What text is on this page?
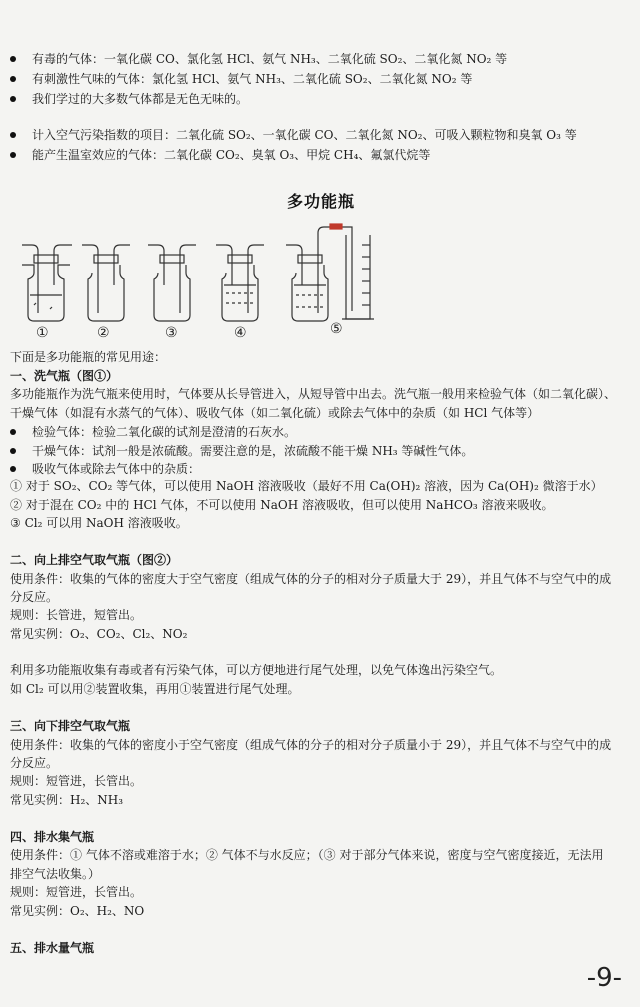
有毒的气体：一氧化碳 CO、氯化氢 HCl、氨气 NH₃、二氧化硫 SO₂、二氧化氮 NO₂ 等
有刺激性气味的气体：氯化氢 HCl、氨气 NH₃、二氧化硫 SO₂、二氧化氮 NO₂ 等
我们学过的大多数气体都是无色无味的。
计入空气污染指数的项目：二氧化硫 SO₂、一氧化碳 CO、二氧化氮 NO₂、可吸入颗粒物和臭氧 O₃ 等
能产生温室效应的气体：二氧化碳 CO₂、臭氧 O₃、甲烷 CH₄、氟氯代烷等
多功能瓶
①	②	③	④	⑤
下面是多功能瓶的常见用途：
一、洗气瓶（图①）
多功能瓶作为洗气瓶来使用时，气体要从长导管进入，从短导管中出去。洗气瓶一般用来检验气体（如二氧化碳）、
干燥气体（如混有水蒸气的气体）、吸收气体（如二氧化硫）或除去气体中的杂质（如 HCl 气体等）
检验气体：检验二氧化碳的试剂是澄清的石灰水。
干燥气体：试剂一般是浓硫酸。需要注意的是，浓硫酸不能干燥 NH₃ 等碱性气体。
吸收气体或除去气体中的杂质：
① 对于 SO₂、CO₂ 等气体，可以使用 NaOH 溶液吸收（最好不用 Ca(OH)₂ 溶液，因为 Ca(OH)₂ 微溶于水）
② 对于混在 CO₂ 中的 HCl 气体，不可以使用 NaOH 溶液吸收，但可以使用 NaHCO₃ 溶液来吸收。
③ Cl₂ 可以用 NaOH 溶液吸收。
二、向上排空气取气瓶（图②）
使用条件：收集的气体的密度大于空气密度（组成气体的分子的相对分子质量大于 29），并且气体不与空气中的成
分反应。
规则：长管进，短管出。
常见实例：O₂、CO₂、Cl₂、NO₂
利用多功能瓶收集有毒或者有污染气体，可以方便地进行尾气处理，以免气体逸出污染空气。
如 Cl₂ 可以用②装置收集，再用①装置进行尾气处理。
三、向下排空气取气瓶
使用条件：收集的气体的密度小于空气密度（组成气体的分子的相对分子质量小于 29），并且气体不与空气中的成
分反应。
规则：短管进，长管出。
常见实例：H₂、NH₃
四、排水集气瓶
使用条件：① 气体不溶或难溶于水；② 气体不与水反应；（③ 对于部分气体来说，密度与空气密度接近，无法用
排空气法收集。）
规则：短管进，长管出。
常见实例：O₂、H₂、NO
五、排水量气瓶
-9-
